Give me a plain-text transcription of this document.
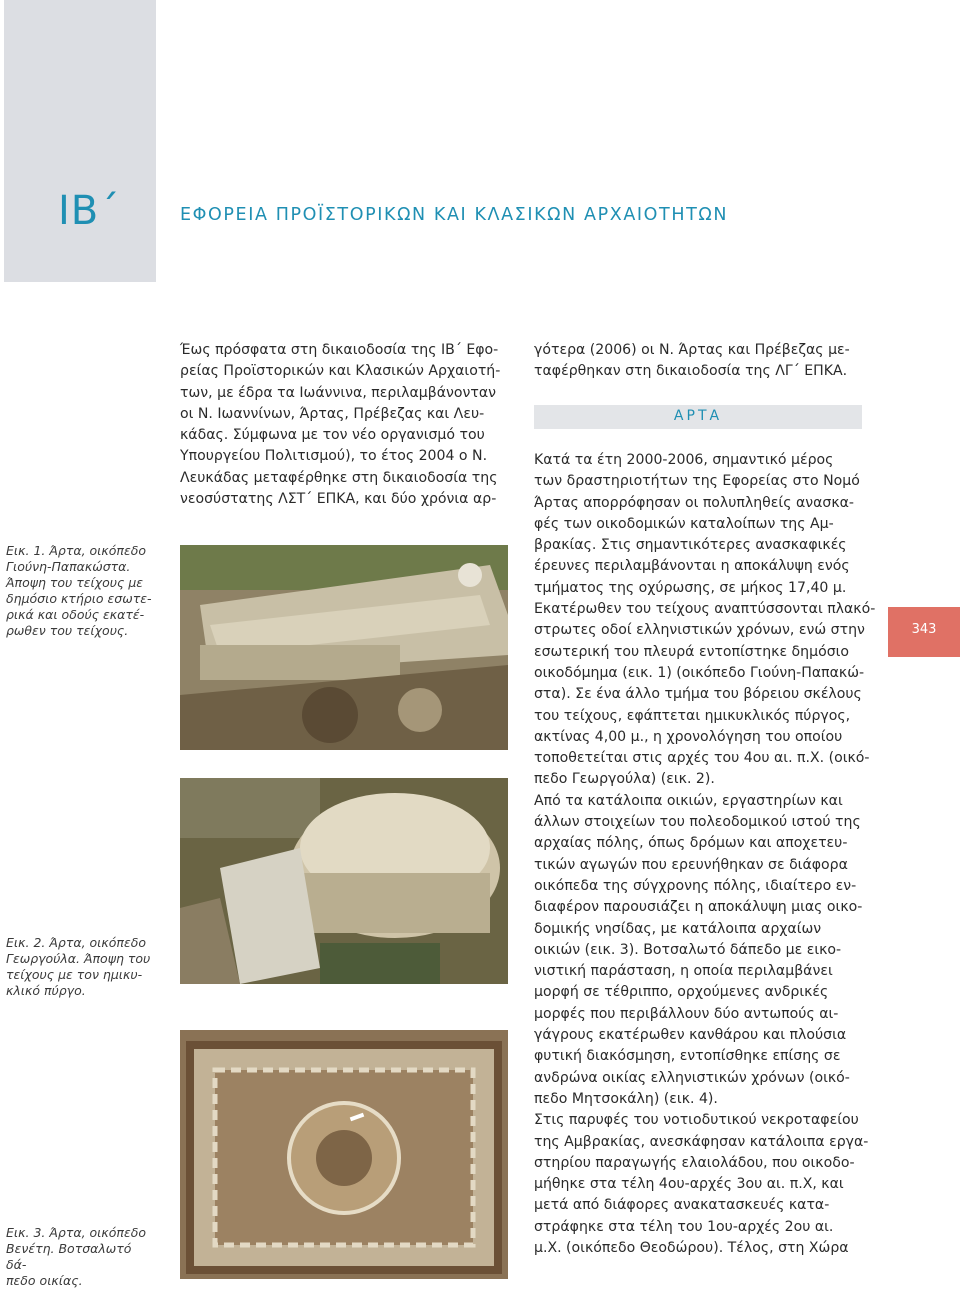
ΙΒ΄	ΕΦΟΡΕΙΑ ΠΡΟΪΣΤΟΡΙΚΩΝ ΚΑΙ ΚΛΑΣΙΚΩΝ ΑΡΧΑΙΟΤΗΤΩΝ
Εικ. 1. Άρτα, οικόπεδο
Γιούνη-Παπακώστα.
Άποψη του τείχους με
δημόσιο κτήριο εσωτε-
ρικά και οδούς εκατέ-
ρωθεν του τείχους.
Εικ. 2. Άρτα, οικόπεδο
Γεωργούλα. Άποψη του
τείχους με τον ημικυ-
κλικό πύργο.
Εικ. 3. Άρτα, οικόπεδο
Βενέτη. Βοτσαλωτό δά-
πεδο οικίας.
Έως πρόσφατα στη δικαιοδοσία της ΙΒ΄ Εφο-
ρείας Προϊστορικών και Κλασικών Αρχαιοτή-
των, με έδρα τα Ιωάννινα, περιλαμβάνονταν
οι Ν. Ιωαννίνων, Άρτας, Πρέβεζας και Λευ-
κάδας. Σύμφωνα με τον νέο οργανισμό του
Υπουργείου Πολιτισμού), το έτος 2004 ο Ν.
Λευκάδας μεταφέρθηκε στη δικαιοδοσία της
νεοσύστατης ΛΣΤ΄ ΕΠΚΑ, και δύο χρόνια αρ-
γότερα (2006) οι Ν. Άρτας και Πρέβεζας με-
ταφέρθηκαν στη δικαιοδοσία της ΛΓ΄ ΕΠΚΑ.
ΑΡΤΑ
Κατά τα έτη 2000-2006, σημαντικό μέρος
των δραστηριοτήτων της Εφορείας στο Νομό
Άρτας απορρόφησαν οι πολυπληθείς ανασκα-
φές των οικοδομικών καταλοίπων της Αμ-
βρακίας. Στις σημαντικότερες ανασκαφικές
έρευνες περιλαμβάνονται η αποκάλυψη ενός
τμήματος της οχύρωσης, σε μήκος 17,40 μ.
Εκατέρωθεν του τείχους αναπτύσσονται πλακό-
στρωτες οδοί ελληνιστικών χρόνων, ενώ στην
εσωτερική του πλευρά εντοπίστηκε δημόσιο
οικοδόμημα (εικ. 1) (οικόπεδο Γιούνη-Παπακώ-
στα). Σε ένα άλλο τμήμα του βόρειου σκέλους
του τείχους, εφάπτεται ημικυκλικός πύργος,
ακτίνας 4,00 μ., η χρονολόγηση του οποίου
τοποθετείται στις αρχές του 4ου αι. π.Χ. (οικό-
πεδο Γεωργούλα) (εικ. 2).
Από τα κατάλοιπα οικιών, εργαστηρίων και
άλλων στοιχείων του πολεοδομικού ιστού της
αρχαίας πόλης, όπως δρόμων και αποχετευ-
τικών αγωγών που ερευνήθηκαν σε διάφορα
οικόπεδα της σύγχρονης πόλης, ιδιαίτερο εν-
διαφέρον παρουσιάζει η αποκάλυψη μιας οικο-
δομικής νησίδας, με κατάλοιπα αρχαίων
οικιών (εικ. 3). Βοτσαλωτό δάπεδο με εικο-
νιστική παράσταση, η οποία περιλαμβάνει
μορφή σε τέθριππο, ορχούμενες ανδρικές
μορφές που περιβάλλουν δύο αντωπούς αι-
γάγρους εκατέρωθεν κανθάρου και πλούσια
φυτική διακόσμηση, εντοπίσθηκε επίσης σε
ανδρώνα οικίας ελληνιστικών χρόνων (οικό-
πεδο Μητσοκάλη) (εικ. 4).
Στις παρυφές του νοτιοδυτικού νεκροταφείου
της Αμβρακίας, ανεσκάφησαν κατάλοιπα εργα-
στηρίου παραγωγής ελαιολάδου, που οικοδο-
μήθηκε στα τέλη 4ου-αρχές 3ου αι. π.Χ, και
μετά από διάφορες ανακατασκευές κατα-
στράφηκε στα τέλη του 1ου-αρχές 2ου αι.
μ.Χ. (οικόπεδο Θεοδώρου). Τέλος, στη Χώρα
343
